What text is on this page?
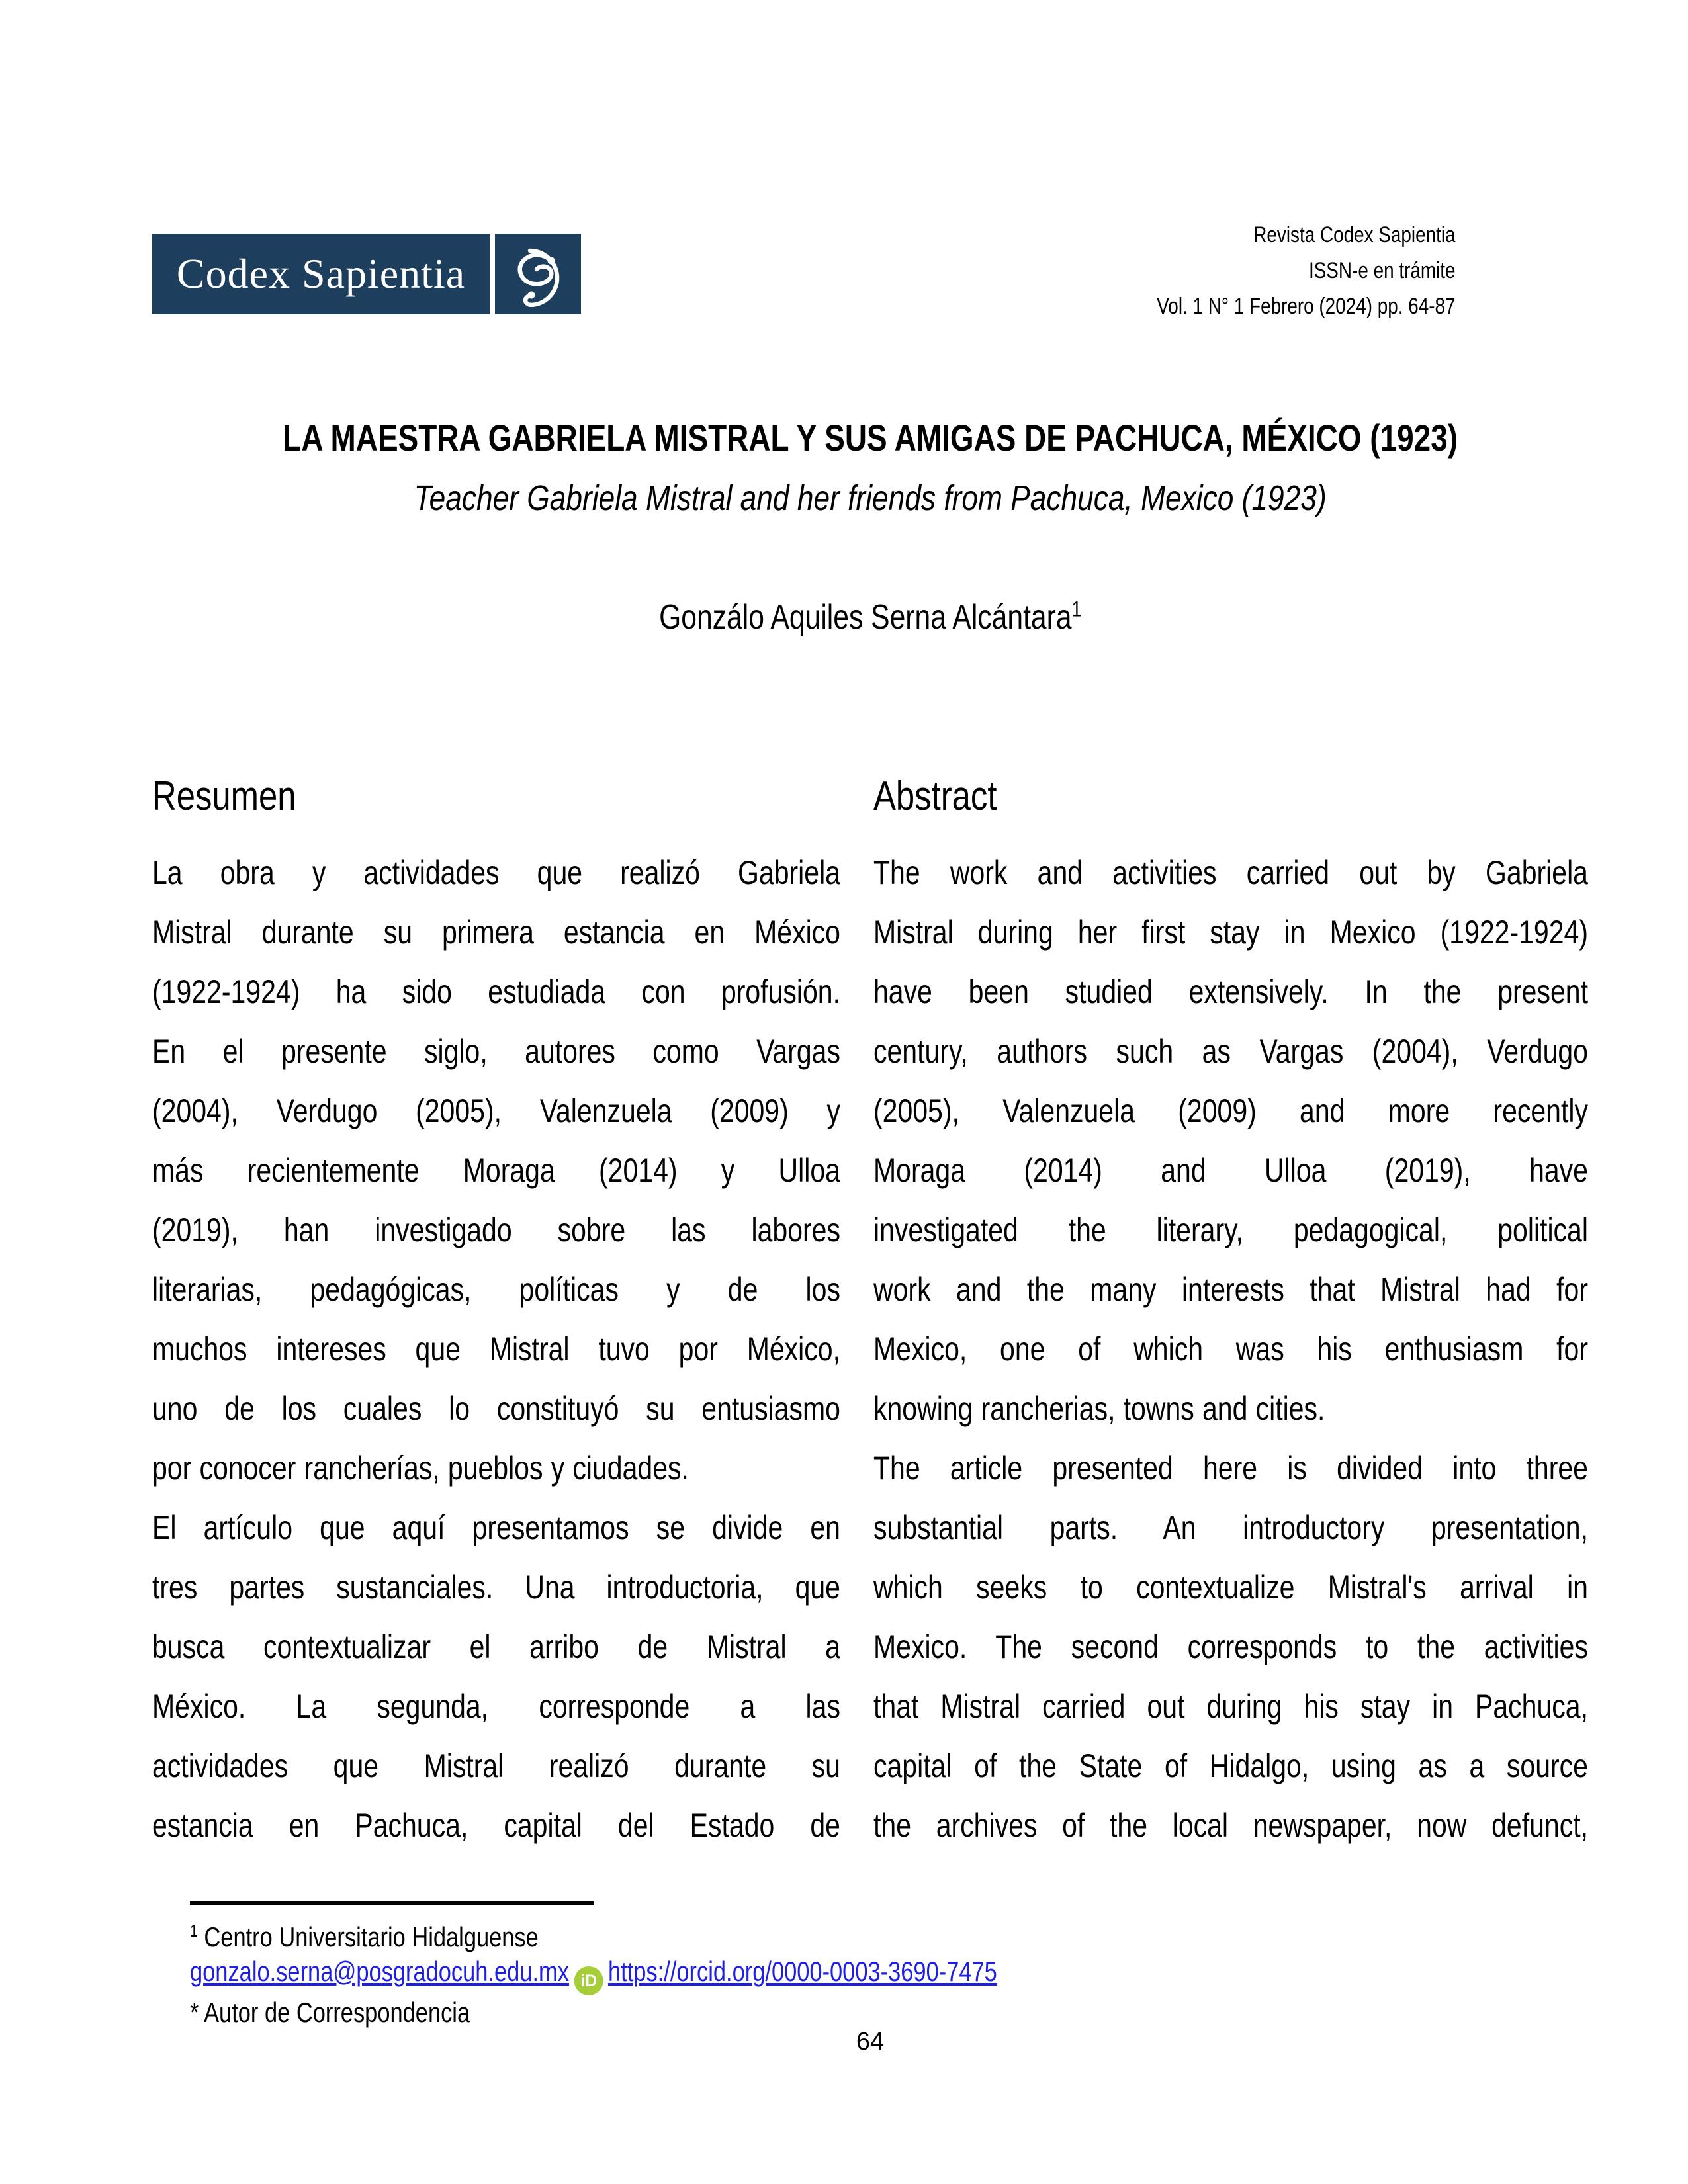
Codex Sapientia
Revista Codex Sapientia
ISSN-e en trámite
Vol. 1 N° 1 Febrero (2024) pp. 64-87
LA MAESTRA GABRIELA MISTRAL Y SUS AMIGAS DE PACHUCA, MÉXICO (1923)
Teacher Gabriela Mistral and her friends from Pachuca, Mexico (1923)
Gonzálo Aquiles Serna Alcántara$^1$
Resumen
La obra y actividades que realizó Gabriela
Mistral durante su primera estancia en México
(1922-1924) ha sido estudiada con profusión.
En el presente siglo, autores como Vargas
(2004), Verdugo (2005), Valenzuela (2009) y
más recientemente Moraga (2014) y Ulloa
(2019), han investigado sobre las labores
literarias, pedagógicas, políticas y de los
muchos intereses que Mistral tuvo por México,
uno de los cuales lo constituyó su entusiasmo
por conocer rancherías, pueblos y ciudades.
El artículo que aquí presentamos se divide en
tres partes sustanciales. Una introductoria, que
busca contextualizar el arribo de Mistral a
México. La segunda, corresponde a las
actividades que Mistral realizó durante su
estancia en Pachuca, capital del Estado de
Abstract
The work and activities carried out by Gabriela
Mistral during her first stay in Mexico (1922-1924)
have been studied extensively. In the present
century, authors such as Vargas (2004), Verdugo
(2005), Valenzuela (2009) and more recently
Moraga (2014) and Ulloa (2019), have
investigated the literary, pedagogical, political
work and the many interests that Mistral had for
Mexico, one of which was his enthusiasm for
knowing rancherias, towns and cities.
The article presented here is divided into three
substantial parts. An introductory presentation,
which seeks to contextualize Mistral's arrival in
Mexico. The second corresponds to the activities
that Mistral carried out during his stay in Pachuca,
capital of the State of Hidalgo, using as a source
the archives of the local newspaper, now defunct,
$^1$ Centro Universitario Hidalguense
gonzalo.serna@posgradocuh.edu.mx iD https://orcid.org/0000-0003-3690-7475
* Autor de Correspondencia
64
